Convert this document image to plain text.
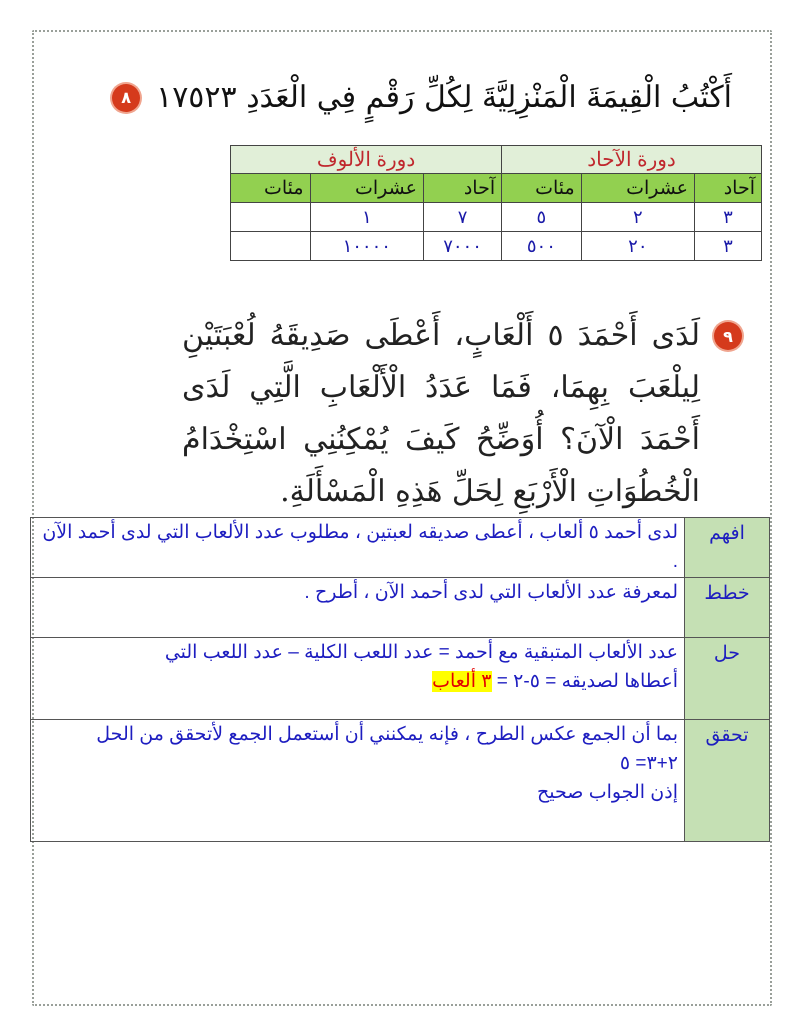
٨ أَكْتُبُ الْقِيمَةَ الْمَنْزِلِيَّةَ لِكُلِّ رَقْمٍ فِي الْعَدَدِ ١٧٥٢٣
دورة الآحاد			دورة الألوف		
آحاد	عشرات	مئات	آحاد	عشرات	مئات
٣	٢	٥	٧	١	
٣	٢٠	٥٠٠	٧٠٠٠	١٠٠٠٠	
٩
لَدَى أَحْمَدَ ٥ أَلْعَابٍ، أَعْطَى صَدِيقَهُ لُعْبَتَيْنِ لِيلْعَبَ بِهِمَا، فَمَا عَدَدُ الْأَلْعَابِ الَّتِي لَدَى أَحْمَدَ الْآنَ؟ أُوَضِّحُ كَيفَ يُمْكِنُنِي اسْتِخْدَامُ الْخُطُوَاتِ الْأَرْبَعِ لِحَلِّ هَذِهِ الْمَسْأَلَةِ.
افهم	لدى أحمد ٥ ألعاب ، أعطى صديقه لعبتين ، مطلوب عدد الألعاب التي لدى أحمد الآن .

خطط	لمعرفة عدد الألعاب التي لدى أحمد الآن ، أطرح .

حل	عدد الألعاب المتبقية مع أحمد = عدد اللعب الكلية – عدد اللعب التي
أعطاها لصديقه = ٥-٢ = ٣ ألعاب

تحقق	بما أن الجمع عكس الطرح ، فإنه يمكنني أن أستعمل الجمع لأتحقق من الحل
٢+٣= ٥
إذن الجواب صحيح
